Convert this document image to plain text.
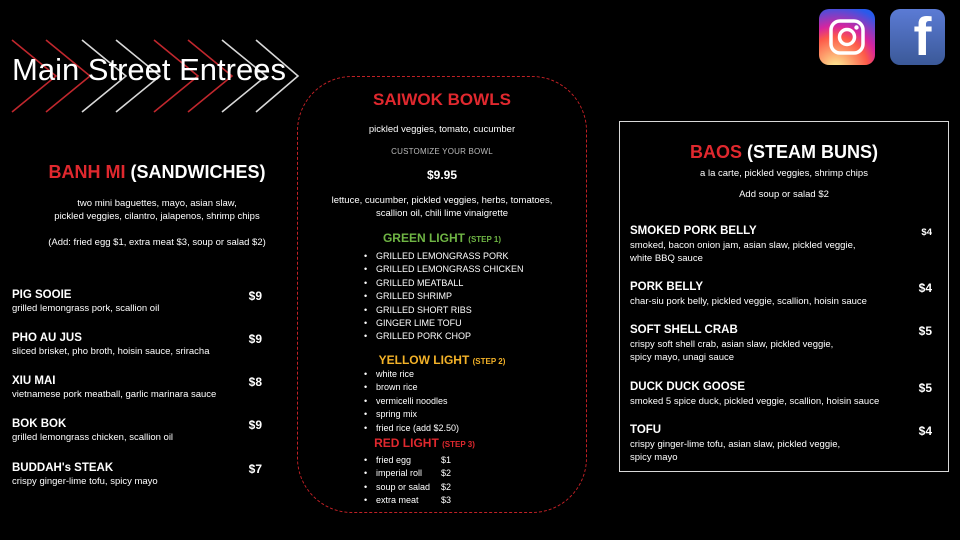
Main Street Entrees
f
BANH MI (SANDWICHES)
two mini baguettes, mayo, asian slaw,
pickled veggies, cilantro, jalapenos, shrimp chips
(Add: fried egg $1, extra meat $3, soup or salad $2)
PIG SOOIE	$9
grilled lemongrass pork, scallion oil
PHO AU JUS	$9
sliced brisket, pho broth, hoisin sauce, sriracha
XIU MAI	$8
vietnamese pork meatball, garlic marinara sauce
BOK BOK	$9
grilled lemongrass chicken, scallion oil
BUDDAH's STEAK	$7
crispy ginger-lime tofu, spicy mayo
SAIWOK BOWLS
pickled veggies, tomato, cucumber
CUSTOMIZE YOUR BOWL
$9.95
lettuce, cucumber, pickled veggies, herbs, tomatoes,
scallion oil, chili lime vinaigrette
GREEN LIGHT (STEP 1)
• GRILLED LEMONGRASS PORK
• GRILLED LEMONGRASS CHICKEN
• GRILLED MEATBALL
• GRILLED SHRIMP
• GRILLED SHORT RIBS
• GINGER LIME TOFU
• GRILLED PORK CHOP
YELLOW LIGHT (STEP 2)
• white rice
• brown rice
• vermicelli noodles
• spring mix
• fried rice (add $2.50)
RED LIGHT (STEP 3)
• fried egg	$1
• imperial roll $2
• soup or salad $2
• extra meat $3
BAOS (STEAM BUNS)
a la carte, pickled veggies, shrimp chips
Add soup or salad $2
SMOKED PORK BELLY	$4
smoked, bacon onion jam, asian slaw, pickled veggie,
white BBQ sauce
PORK BELLY	$4
char-siu pork belly, pickled veggie, scallion, hoisin sauce
SOFT SHELL CRAB	$5
crispy soft shell crab, asian slaw, pickled veggie,
spicy mayo, unagi sauce
DUCK DUCK GOOSE	$5
smoked 5 spice duck, pickled veggie, scallion, hoisin sauce
TOFU	$4
crispy ginger-lime tofu, asian slaw, pickled veggie,
spicy mayo
